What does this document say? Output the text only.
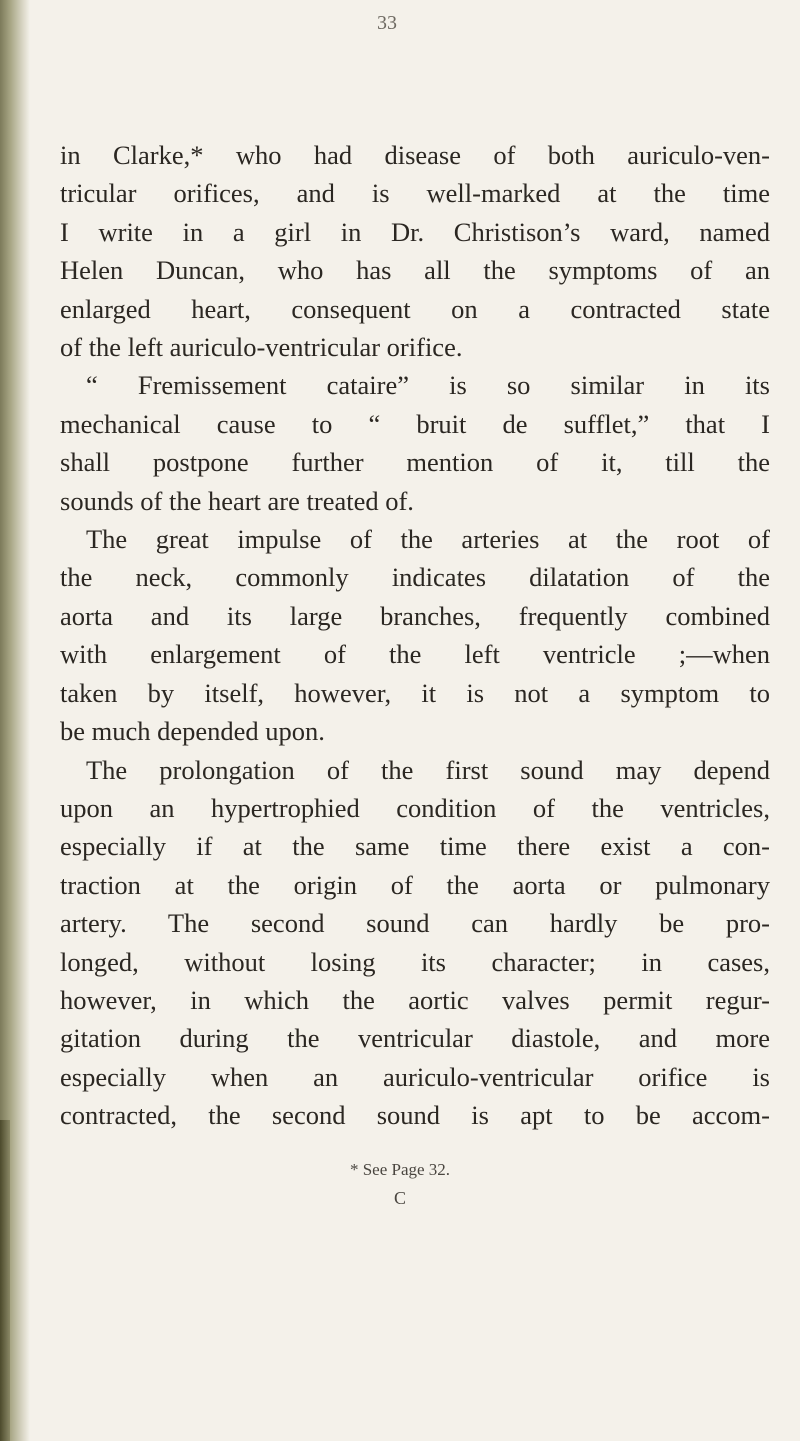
33
in Clarke,* who had disease of both auriculo-ven-
tricular orifices, and is well-marked at the time
I write in a girl in Dr. Christison’s ward, named
Helen Duncan, who has all the symptoms of an
enlarged heart, consequent on a contracted state
of the left auriculo-ventricular orifice.
“ Fremissement cataire” is so similar in its
mechanical cause to “ bruit de sufflet,” that I
shall postpone further mention of it, till the
sounds of the heart are treated of.
The great impulse of the arteries at the root of
the neck, commonly indicates dilatation of the
aorta and its large branches, frequently combined
with enlargement of the left ventricle ;—when
taken by itself, however, it is not a symptom to
be much depended upon.
The prolongation of the first sound may depend
upon an hypertrophied condition of the ventricles,
especially if at the same time there exist a con-
traction at the origin of the aorta or pulmonary
artery. The second sound can hardly be pro-
longed, without losing its character; in cases,
however, in which the aortic valves permit regur-
gitation during the ventricular diastole, and more
especially when an auriculo-ventricular orifice is
contracted, the second sound is apt to be accom-
* See Page 32.
C
